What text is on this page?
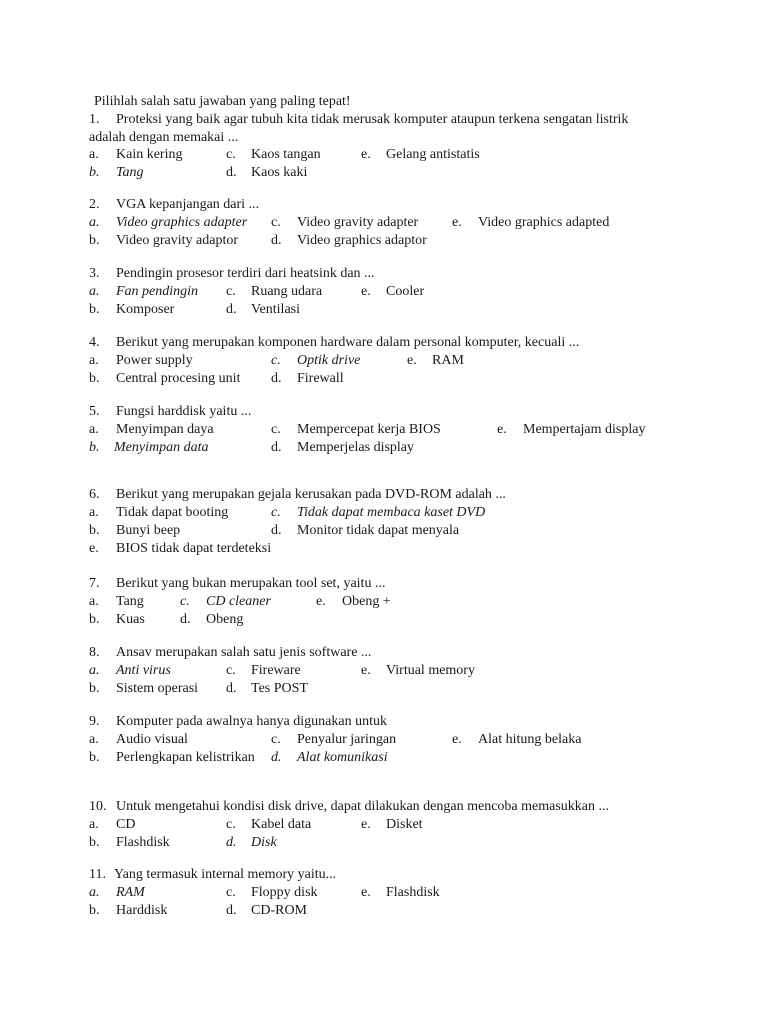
Pilihlah salah satu jawaban yang paling tepat!
1. Proteksi yang baik agar tubuh kita tidak merusak komputer ataupun terkena sengatan listrik
adalah dengan memakai ...
a. Kain kering	c. Kaos tangan	e. Gelang antistatis
b. Tang	d. Kaos kaki
2. VGA kepanjangan dari ...
a. Video graphics adapter c. Video gravity adapter e. Video graphics adapted
b. Video gravity adaptor d. Video graphics adaptor
3. Pendingin prosesor terdiri dari heatsink dan ...
a. Fan pendingin c. Ruang udara	e. Cooler
b. Komposer	d. Ventilasi
4. Berikut yang merupakan komponen hardware dalam personal komputer, kecuali ...
a. Power supply	c. Optik drive	e. RAM
b. Central procesing unit d. Firewall
5. Fungsi harddisk yaitu ...
a. Menyimpan daya	c. Mempercepat kerja BIOS	e. Mempertajam display
b. Menyimpan data	d. Memperjelas display
6. Berikut yang merupakan gejala kerusakan pada DVD-ROM adalah ...
a. Tidak dapat booting	c. Tidak dapat membaca kaset DVD
b. Bunyi beep	d. Monitor tidak dapat menyala
e. BIOS tidak dapat terdeteksi
7. Berikut yang bukan merupakan tool set, yaitu ...
a. Tang	c. CD cleaner	e. Obeng +
b. Kuas	d. Obeng
8. Ansav merupakan salah satu jenis software ...
a. Anti virus	c. Fireware	e. Virtual memory
b. Sistem operasi d. Tes POST
9. Komputer pada awalnya hanya digunakan untuk
a. Audio visual	c. Penyalur jaringan	e. Alat hitung belaka
b. Perlengkapan kelistrikan d. Alat komunikasi
10. Untuk mengetahui kondisi disk drive, dapat dilakukan dengan mencoba memasukkan ...
a. CD	c. Kabel data	e. Disket
b. Flashdisk	d. Disk
11. Yang termasuk internal memory yaitu...
a. RAM	c. Floppy disk	e. Flashdisk
b. Harddisk	d. CD-ROM
